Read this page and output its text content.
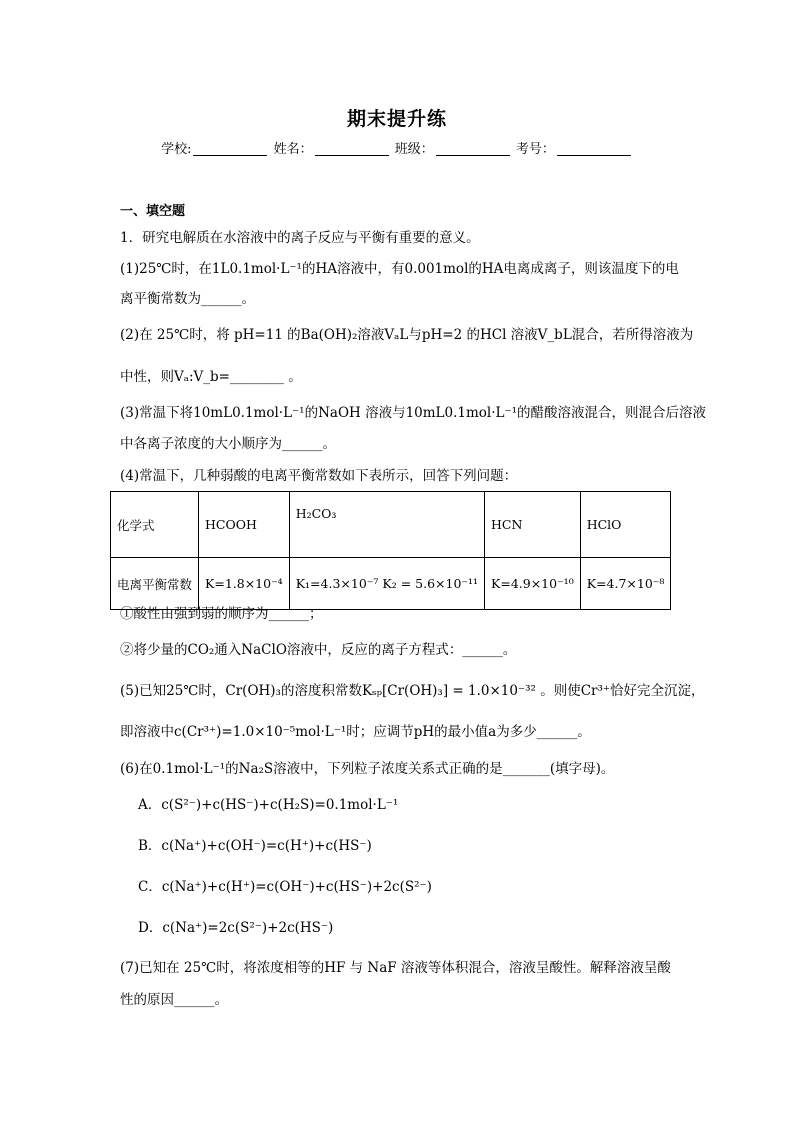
期末提升练
学校:	姓名：	班级：	考号：
一、填空题
1．研究电解质在水溶液中的离子反应与平衡有重要的意义。
(1)25℃时，在1L0.1mol·L⁻¹的HA溶液中，有0.001mol的HA电离成离子，则该温度下的电
离平衡常数为______。
(2)在 25℃时，将 pH=11 的Ba(OH)₂溶液VₐL与pH=2 的HCl 溶液V_bL混合，若所得溶液为
中性，则Vₐ:V_b=________ 。
(3)常温下将10mL0.1mol·L⁻¹的NaOH 溶液与10mL0.1mol·L⁻¹的醋酸溶液混合，则混合后溶液
中各离子浓度的大小顺序为______。
(4)常温下，几种弱酸的电离平衡常数如下表所示，回答下列问题：
化学式	HCOOH	H₂CO₃	HCN	HClO
电离平衡常数	K=1.8×10⁻⁴	K₁=4.3×10⁻⁷ K₂ = 5.6×10⁻¹¹	K=4.9×10⁻¹⁰	K=4.7×10⁻⁸
①酸性由强到弱的顺序为______；
②将少量的CO₂通入NaClO溶液中，反应的离子方程式：______。
(5)已知25℃时，Cr(OH)₃的溶度积常数Kₛₚ[Cr(OH)₃] = 1.0×10⁻³² 。则使Cr³⁺恰好完全沉淀，
即溶液中c(Cr³⁺)=1.0×10⁻⁵mol·L⁻¹时；应调节pH的最小值a为多少______。
(6)在0.1mol·L⁻¹的Na₂S溶液中，下列粒子浓度关系式正确的是_______(填字母)。
A．c(S²⁻)+c(HS⁻)+c(H₂S)=0.1mol·L⁻¹
B．c(Na⁺)+c(OH⁻)=c(H⁺)+c(HS⁻)
C．c(Na⁺)+c(H⁺)=c(OH⁻)+c(HS⁻)+2c(S²⁻)
D．c(Na⁺)=2c(S²⁻)+2c(HS⁻)
(7)已知在 25℃时，将浓度相等的HF 与 NaF 溶液等体积混合，溶液呈酸性。解释溶液呈酸
性的原因______。
